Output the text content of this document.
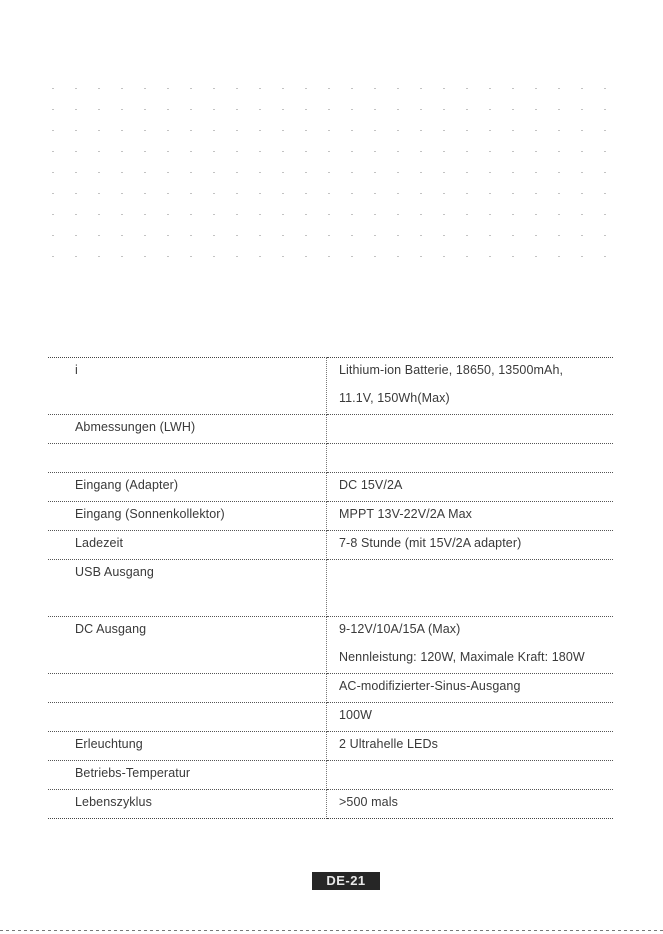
i	Lithium-ion Batterie, 18650, 13500mAh,
11.1V, 150Wh(Max)

Abmessungen (LWH)	

Eingang (Adapter)	DC 15V/2A

Eingang (Sonnenkollektor)	MPPT 13V-22V/2A Max

Ladezeit	7-8 Stunde (mit 15V/2A adapter)

USB Ausgang	

DC Ausgang	9-12V/10A/15A (Max)
Nennleistung: 120W, Maximale Kraft: 180W

	AC-modifizierter-Sinus-Ausgang

	100W

Erleuchtung	2 Ultrahelle LEDs

Betriebs-Temperatur	

Lebenszyklus	>500 mals
DE-21
